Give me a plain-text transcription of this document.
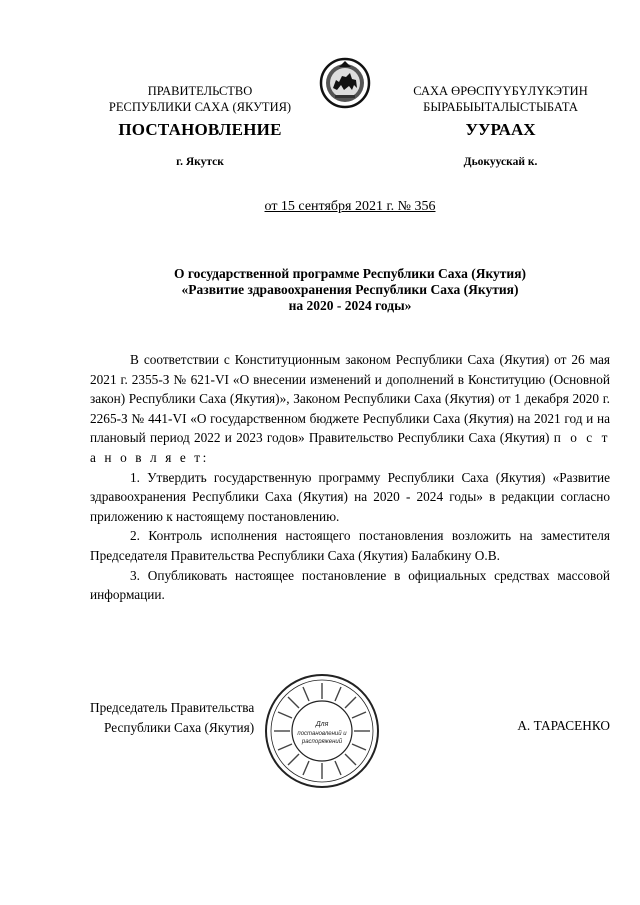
ПРАВИТЕЛЬСТВО
РЕСПУБЛИКИ САХА (ЯКУТИЯ)
САХА ӨРӨСПҮҮБҮЛҮКЭТИН
БЫРАБЫЫТАЛЫСТЫБАТА
ПОСТАНОВЛЕНИЕ	УУРААХ
г. Якутск	Дьокуускай к.
от 15 сентября 2021 г. № 356
О государственной программе Республики Саха (Якутия)
«Развитие здравоохранения Республики Саха (Якутия)
на 2020 - 2024 годы»

В соответствии с Конституционным законом Республики Саха (Якутия) от 26 мая 2021 г. 2355-З № 621-VI «О внесении изменений и дополнений в Конституцию (Основной закон) Республики Саха (Якутия)», Законом Республики Саха (Якутия) от 1 декабря 2020 г. 2265-З № 441-VI «О государственном бюджете Республики Саха (Якутия) на 2021 год и на плановый период 2022 и 2023 годов» Правительство Республики Саха (Якутия) п о с т а н о в л я е т:

1. Утвердить государственную программу Республики Саха (Якутия) «Развитие здравоохранения Республики Саха (Якутия) на 2020 - 2024 годы» в редакции согласно приложению к настоящему постановлению.

2. Контроль исполнения настоящего постановления возложить на заместителя Председателя Правительства Республики Саха (Якутия) Балабкину О.В.

3. Опубликовать настоящее постановление в официальных средствах массовой информации.

Председатель Правительства
Республики Саха (Якутия)	Для
постановлений и
распоряжений
А. ТАРАСЕНКО
